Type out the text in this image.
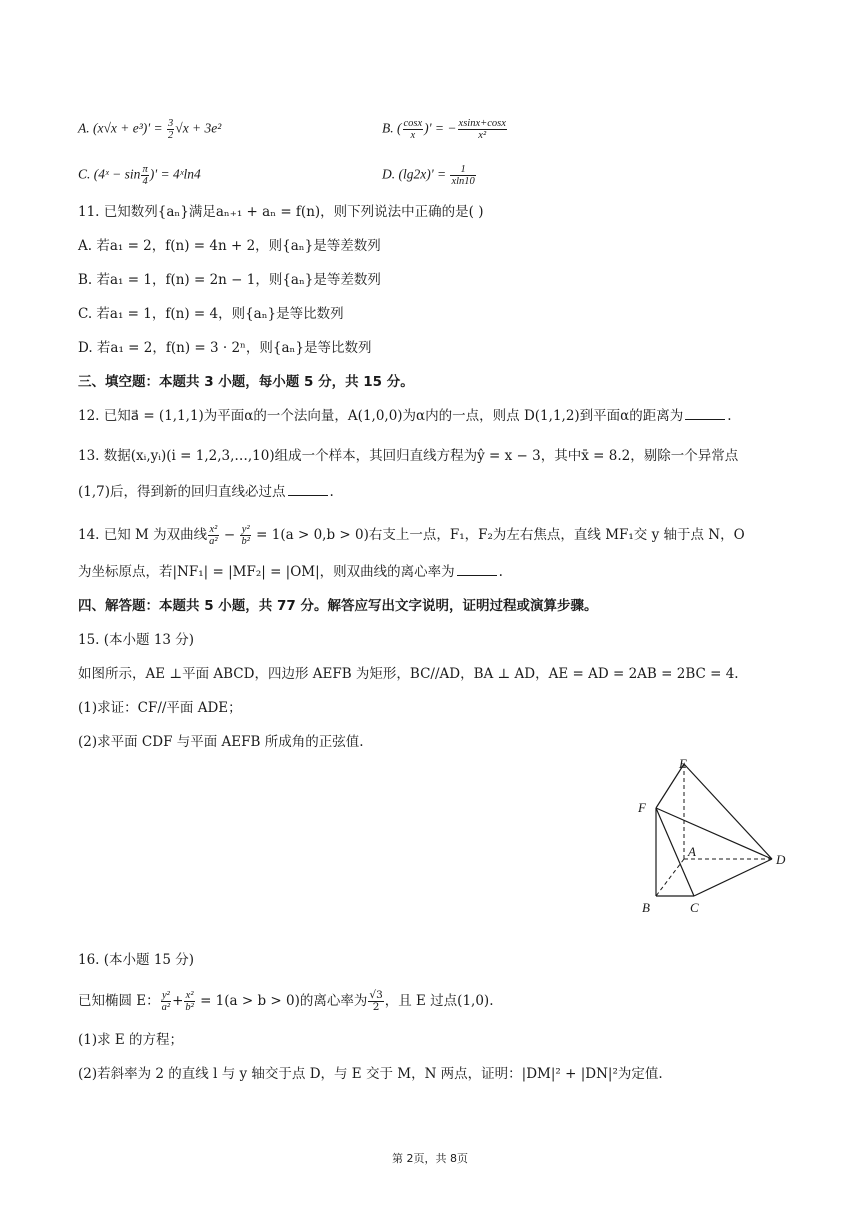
A. $(x√x + e^3)' = \frac{3}{2} √x + 3e^2$	B. ( $\frac{\cos x}{x}$ )' = − $\frac{xsinx+\cos x}{\text{x²}}$
C. (4ˣ − $\sin \frac{\pi}{4}$ )' = 4ˣln4	D. $(\lg 2x)' = \frac{1}{xln10}$
11. 已知数列{aₙ}满足aₙ₊₁ + aₙ = f(n)，则下列说法中正确的是( )
A. 若a₁ = 2，f(n) = 4n + 2，则{aₙ}是等差数列
B. 若a₁ = 1，f(n) = 2n − 1，则{aₙ}是等差数列
C. 若a₁ = 1，f(n) = 4，则{aₙ}是等比数列
D. 若a₁ = 2，f(n) = 3 · 2ⁿ，则{aₙ}是等比数列
三、填空题：本题共 3 小题，每小题 5 分，共 15 分。
12. 已知a⃗ = (1,1,1)为平面α的一个法向量，A(1,0,0)为α内的一点，则点 D(1,1,2)到平面α的距离为	.
13. 数据(xᵢ,yᵢ)(i = 1,2,3,…,10)组成一个样本，其回归直线方程为ŷ = x − 3，其中x̄ = 8.2，剔除一个异常点
(1,7)后，得到新的回归直线必过点	.
14. 已知 M 为双曲线 $\frac{\text{x²}}{\text{a²}} - \frac{\text{y²}}{\text{b²}} = 1(a > 0,b > 0)$右支上一点，F₁，F₂为左右焦点，直线 MF₁交 y 轴于点 N，O
为坐标原点，若|NF₁| = |MF₂| = |OM|，则双曲线的离心率为	.
四、解答题：本题共 5 小题，共 77 分。解答应写出文字说明，证明过程或演算步骤。
15. (本小题 13 分)
如图所示，AE ⊥平面 ABCD，四边形 AEFB 为矩形，BC//AD，BA ⊥ AD，AE = AD = 2AB = 2BC = 4.
(1)求证：CF//平面 ADE；
(2)求平面 CDF 与平面 AEFB 所成角的正弦值.
E
F
A
D
B	C
16. (本小题 15 分)
已知椭圆 E： $\frac{\text{y²}}{\text{a²}} + \frac{\text{x²}}{\text{b²}} = 1(a > b > 0)$的离心率为 $\frac{√3}{2}$ ，且 E 过点(1,0).
(1)求 E 的方程；
(2)若斜率为 2 的直线 l 与 y 轴交于点 D，与 E 交于 M，N 两点，证明：|DM|² + |DN|²为定值.
第 2页，共 8页
